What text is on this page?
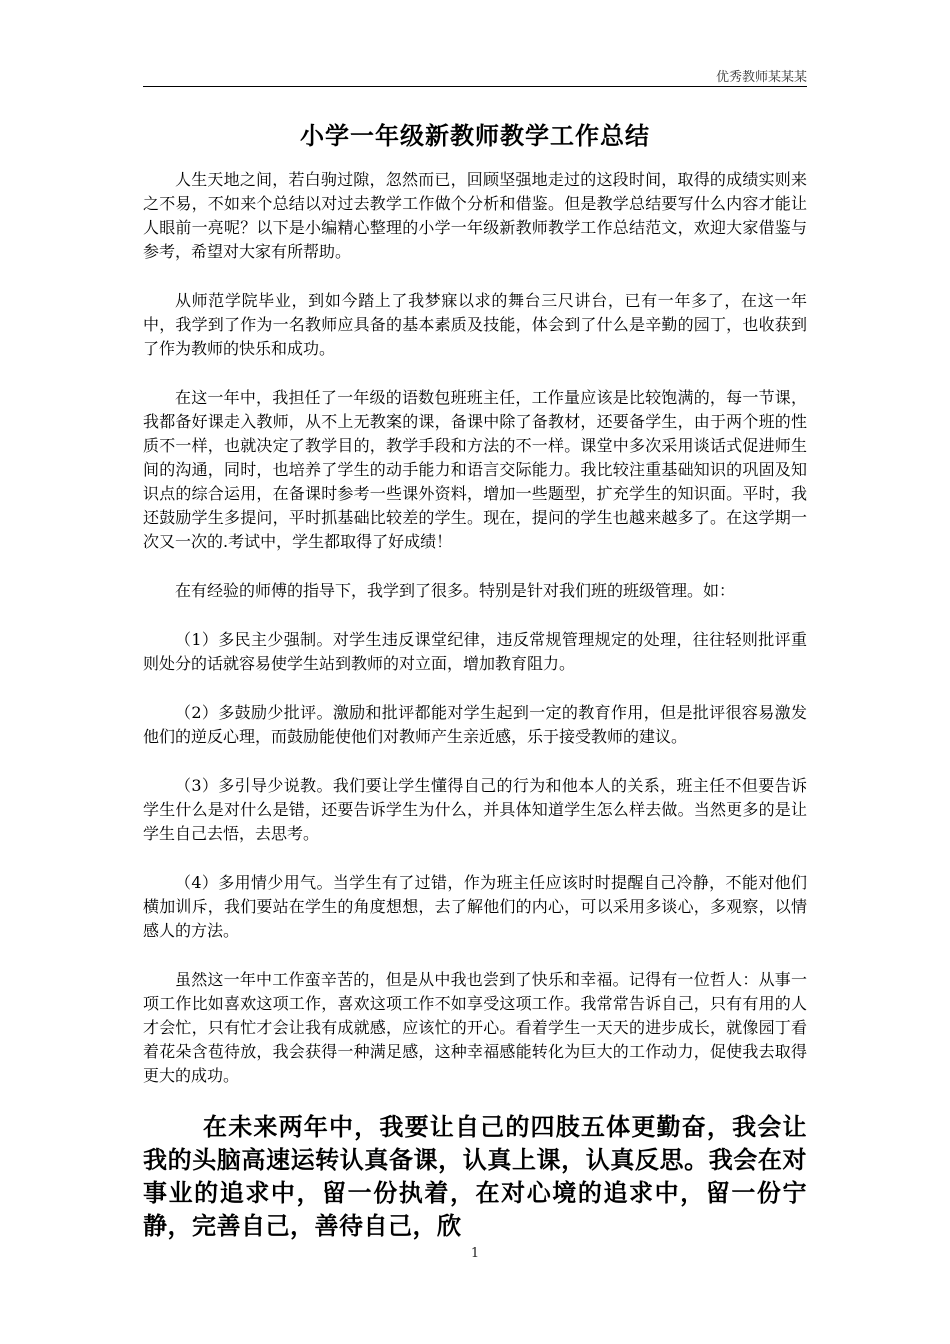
优秀教师某某某
小学一年级新教师教学工作总结

人生天地之间，若白驹过隙，忽然而已，回顾坚强地走过的这段时间，取得的成绩实则来之不易，不如来个总结以对过去教学工作做个分析和借鉴。但是教学总结要写什么内容才能让人眼前一亮呢？以下是小编精心整理的小学一年级新教师教学工作总结范文，欢迎大家借鉴与参考，希望对大家有所帮助。

从师范学院毕业，到如今踏上了我梦寐以求的舞台三尺讲台，已有一年多了，在这一年中，我学到了作为一名教师应具备的基本素质及技能，体会到了什么是辛勤的园丁，也收获到了作为教师的快乐和成功。

在这一年中，我担任了一年级的语数包班班主任，工作量应该是比较饱满的，每一节课，我都备好课走入教师，从不上无教案的课，备课中除了备教材，还要备学生，由于两个班的性质不一样，也就决定了教学目的，教学手段和方法的不一样。课堂中多次采用谈话式促进师生间的沟通，同时，也培养了学生的动手能力和语言交际能力。我比较注重基础知识的巩固及知识点的综合运用，在备课时参考一些课外资料，增加一些题型，扩充学生的知识面。平时，我还鼓励学生多提问，平时抓基础比较差的学生。现在，提问的学生也越来越多了。在这学期一次又一次的.考试中，学生都取得了好成绩！

在有经验的师傅的指导下，我学到了很多。特别是针对我们班的班级管理。如：

（1）多民主少强制。对学生违反课堂纪律，违反常规管理规定的处理，往往轻则批评重则处分的话就容易使学生站到教师的对立面，增加教育阻力。

（2）多鼓励少批评。激励和批评都能对学生起到一定的教育作用，但是批评很容易激发他们的逆反心理，而鼓励能使他们对教师产生亲近感，乐于接受教师的建议。

（3）多引导少说教。我们要让学生懂得自己的行为和他本人的关系，班主任不但要告诉学生什么是对什么是错，还要告诉学生为什么，并具体知道学生怎么样去做。当然更多的是让学生自己去悟，去思考。

（4）多用情少用气。当学生有了过错，作为班主任应该时时提醒自己冷静，不能对他们横加训斥，我们要站在学生的角度想想，去了解他们的内心，可以采用多谈心，多观察，以情感人的方法。

虽然这一年中工作蛮辛苦的，但是从中我也尝到了快乐和幸福。记得有一位哲人：从事一项工作比如喜欢这项工作，喜欢这项工作不如享受这项工作。我常常告诉自己，只有有用的人才会忙，只有忙才会让我有成就感，应该忙的开心。看着学生一天天的进步成长，就像园丁看着花朵含苞待放，我会获得一种满足感，这种幸福感能转化为巨大的工作动力，促使我去取得更大的成功。

在未来两年中，我要让自己的四肢五体更勤奋，我会让我的头脑高速运转认真备课，认真上课，认真反思。我会在对事业的追求中，留一份执着，在对心境的追求中，留一份宁静，完善自己，善待自己，欣

1
